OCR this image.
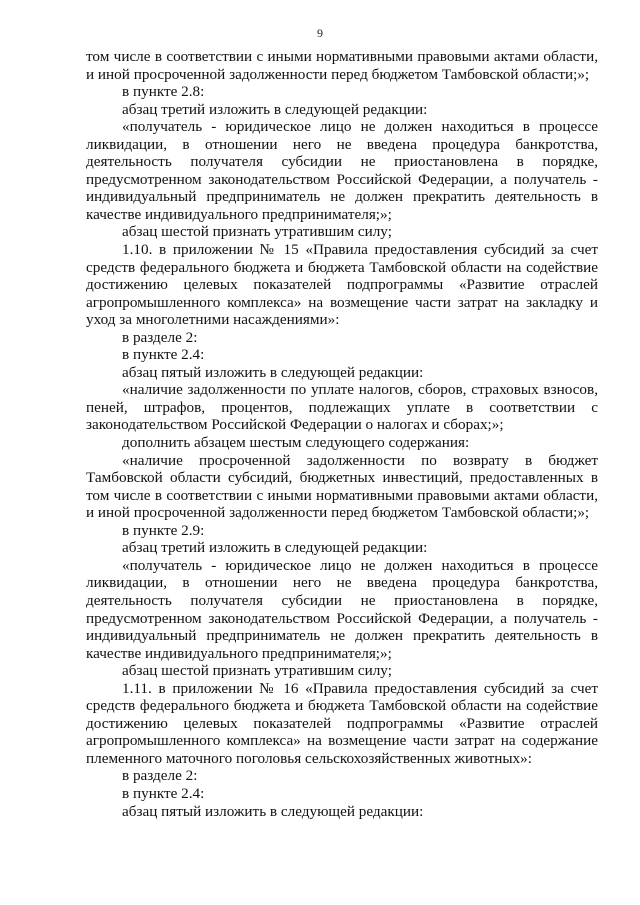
9

том числе в соответствии с иными нормативными правовыми актами области,

и иной просроченной задолженности перед бюджетом Тамбовской области;»;

в пункте 2.8:

абзац третий изложить в следующей редакции:

«получатель - юридическое лицо не должен находиться в процессе ликвидации, в отношении него не введена процедура банкротства, деятельность получателя субсидии не приостановлена в порядке, предусмотренном законодательством Российской Федерации, а получатель - индивидуальный предприниматель не должен прекратить деятельность в качестве индивидуального предпринимателя;»;

абзац шестой признать утратившим силу;

1.10. в приложении № 15 «Правила предоставления субсидий за счет средств федерального бюджета и бюджета Тамбовской области на содействие достижению целевых показателей подпрограммы «Развитие отраслей агропромышленного комплекса» на возмещение части затрат на закладку и уход за многолетними насаждениями»:

в разделе 2:

в пункте 2.4:

абзац пятый изложить в следующей редакции:

«наличие задолженности по уплате налогов, сборов, страховых взносов, пеней, штрафов, процентов, подлежащих уплате в соответствии с законодательством Российской Федерации о налогах и сборах;»;

дополнить абзацем шестым следующего содержания:

«наличие просроченной задолженности по возврату в бюджет Тамбовской области субсидий, бюджетных инвестиций, предоставленных в том числе в соответствии с иными нормативными правовыми актами области, и иной просроченной задолженности перед бюджетом Тамбовской области;»;

в пункте 2.9:

абзац третий изложить в следующей редакции:

«получатель - юридическое лицо не должен находиться в процессе ликвидации, в отношении него не введена процедура банкротства, деятельность получателя субсидии не приостановлена в порядке, предусмотренном законодательством Российской Федерации, а получатель - индивидуальный предприниматель не должен прекратить деятельность в качестве индивидуального предпринимателя;»;

абзац шестой признать утратившим силу;

1.11. в приложении № 16 «Правила предоставления субсидий за счет средств федерального бюджета и бюджета Тамбовской области на содействие достижению целевых показателей подпрограммы «Развитие отраслей агропромышленного комплекса» на возмещение части затрат на содержание племенного маточного поголовья сельскохозяйственных животных»:

в разделе 2:

в пункте 2.4:

абзац пятый изложить в следующей редакции:
